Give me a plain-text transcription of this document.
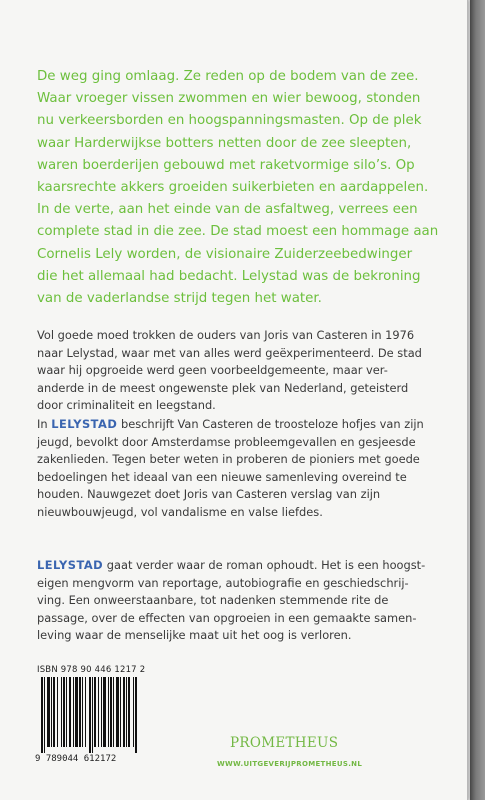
De weg ging omlaag. Ze reden op de bodem van de zee.
Waar vroeger vissen zwommen en wier bewoog, stonden
nu verkeersborden en hoogspanningsmasten. Op de plek
waar Harderwijkse botters netten door de zee sleepten,
waren boerderijen gebouwd met raketvormige silo’s. Op
kaarsrechte akkers groeiden suikerbieten en aardappelen.
In de verte, aan het einde van de asfaltweg, verrees een
complete stad in die zee. De stad moest een hommage aan
Cornelis Lely worden, de visionaire Zuiderzeebedwinger
die het allemaal had bedacht. Lelystad was de bekroning
van de vaderlandse strijd tegen het water.

Vol goede moed trokken de ouders van Joris van Casteren in 1976
naar Lelystad, waar met van alles werd geëxperimenteerd. De stad
waar hij opgroeide werd geen voorbeeldgemeente, maar ver-
anderde in de meest ongewenste plek van Nederland, geteisterd
door criminaliteit en leegstand.

In LELYSTAD beschrijft Van Casteren de troosteloze hofjes van zijn
jeugd, bevolkt door Amsterdamse probleemgevallen en gesjeesde
zakenlieden. Tegen beter weten in proberen de pioniers met goede
bedoelingen het ideaal van een nieuwe samenleving overeind te
houden. Nauwgezet doet Joris van Casteren verslag van zijn
nieuwbouwjeugd, vol vandalisme en valse liefdes.

LELYSTAD gaat verder waar de roman ophoudt. Het is een hoogst-
eigen mengvorm van reportage, autobiografie en geschiedschrij-
ving. Een onweerstaanbare, tot nadenken stemmende rite de
passage, over de effecten van opgroeien in een gemaakte samen-
leving waar de menselijke maat uit het oog is verloren.

ISBN 978 90 446 1217 2
9 789044 612172
PROMETHEUS
WWW.UITGEVERIJPROMETHEUS.NL
